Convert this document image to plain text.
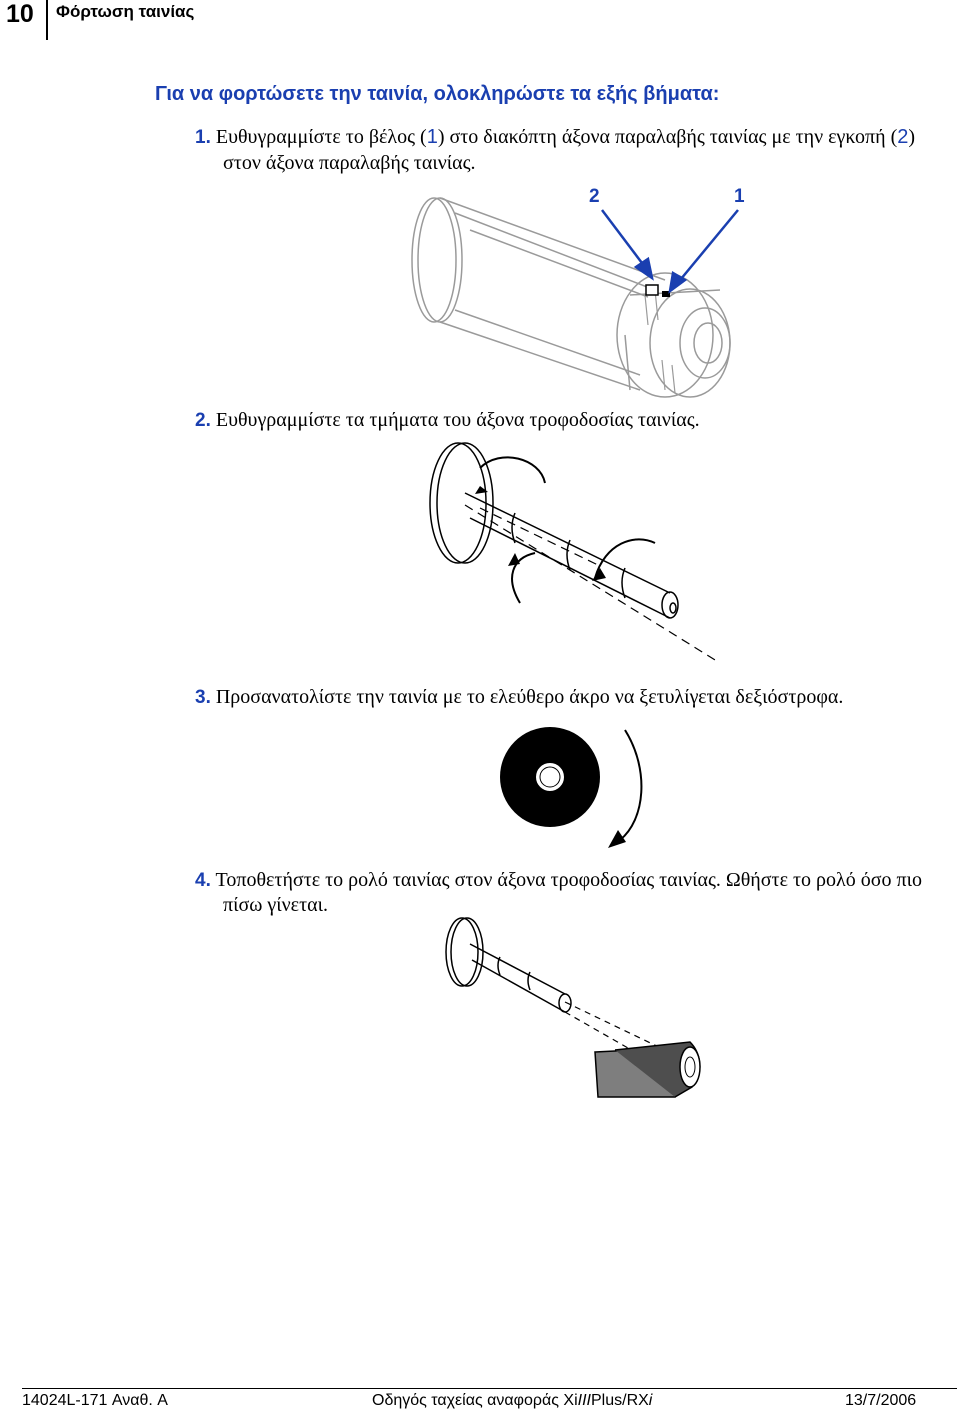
10 Φόρτωση ταινίας
Για να φορτώσετε την ταινία, ολοκληρώστε τα εξής βήματα:
1. Ευθυγραμμίστε το βέλος (1) στο διακόπτη άξονα παραλαβής ταινίας με την εγκοπή (2)
στον άξονα παραλαβής ταινίας.
2	1
2. Ευθυγραμμίστε τα τμήματα του άξονα τροφοδοσίας ταινίας.
3. Προσανατολίστε την ταινία με το ελεύθερο άκρο να ξετυλίγεται δεξιόστροφα.
4. Τοποθετήστε το ρολό ταινίας στον άξονα τροφοδοσίας ταινίας. Ωθήστε το ρολό όσο πιο
πίσω γίνεται.
14024L-171 Αναθ. A	Οδηγός ταχείας αναφοράς XiIIIPlus/RXi	13/7/2006
